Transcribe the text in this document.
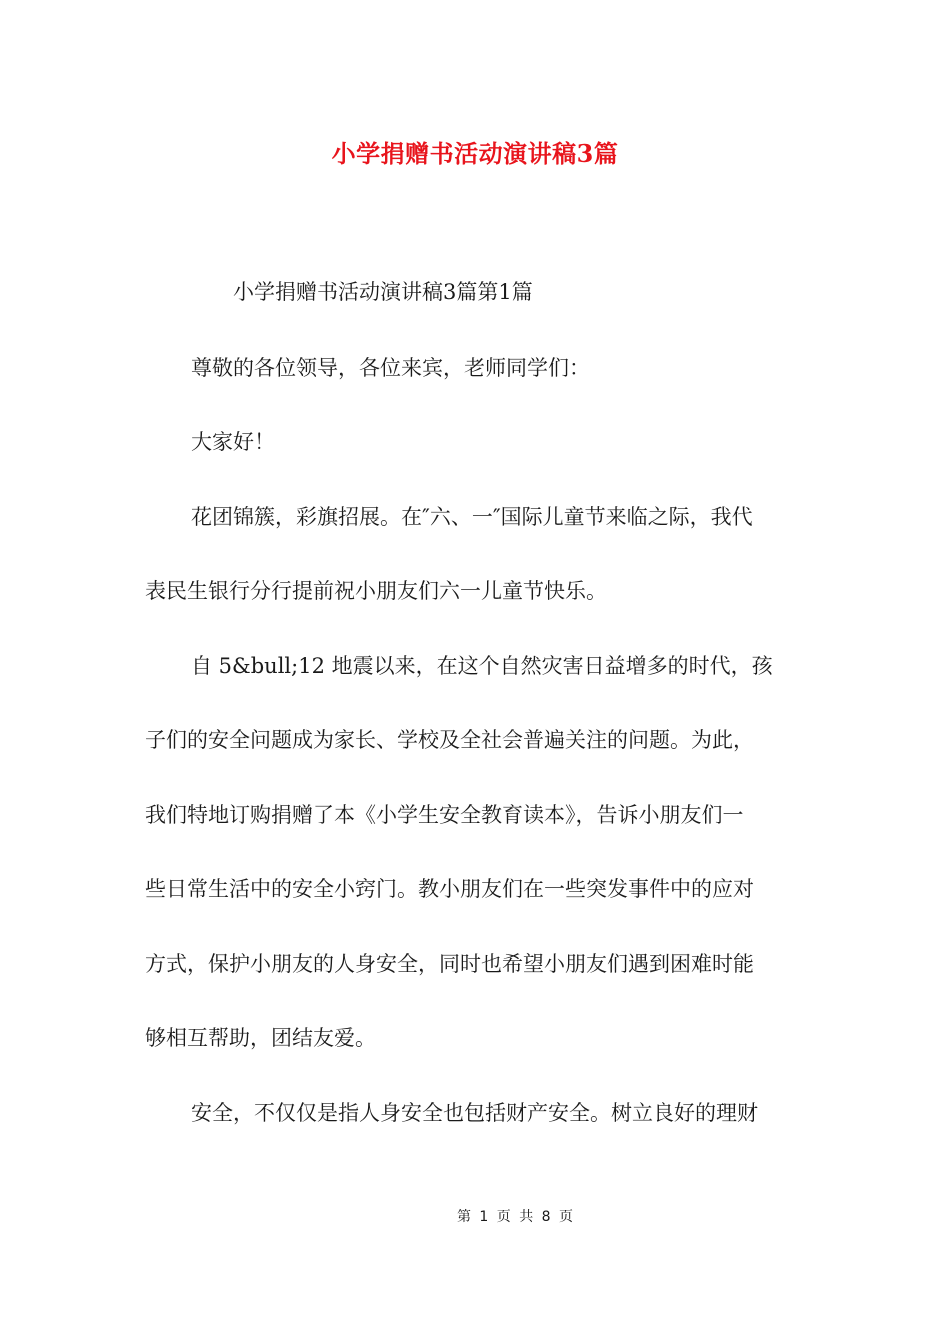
小学捐赠书活动演讲稿3篇
小学捐赠书活动演讲稿3篇第1篇
尊敬的各位领导，各位来宾，老师同学们：
大家好！
花团锦簇，彩旗招展。在″六、一″国际儿童节来临之际，我代
表民生银行分行提前祝小朋友们六一儿童节快乐。
自 5&bull;12 地震以来，在这个自然灾害日益增多的时代，孩
子们的安全问题成为家长、学校及全社会普遍关注的问题。为此，
我们特地订购捐赠了本《小学生安全教育读本》，告诉小朋友们一
些日常生活中的安全小窍门。教小朋友们在一些突发事件中的应对
方式，保护小朋友的人身安全，同时也希望小朋友们遇到困难时能
够相互帮助，团结友爱。
安全，不仅仅是指人身安全也包括财产安全。树立良好的理财
第 1 页 共 8 页
